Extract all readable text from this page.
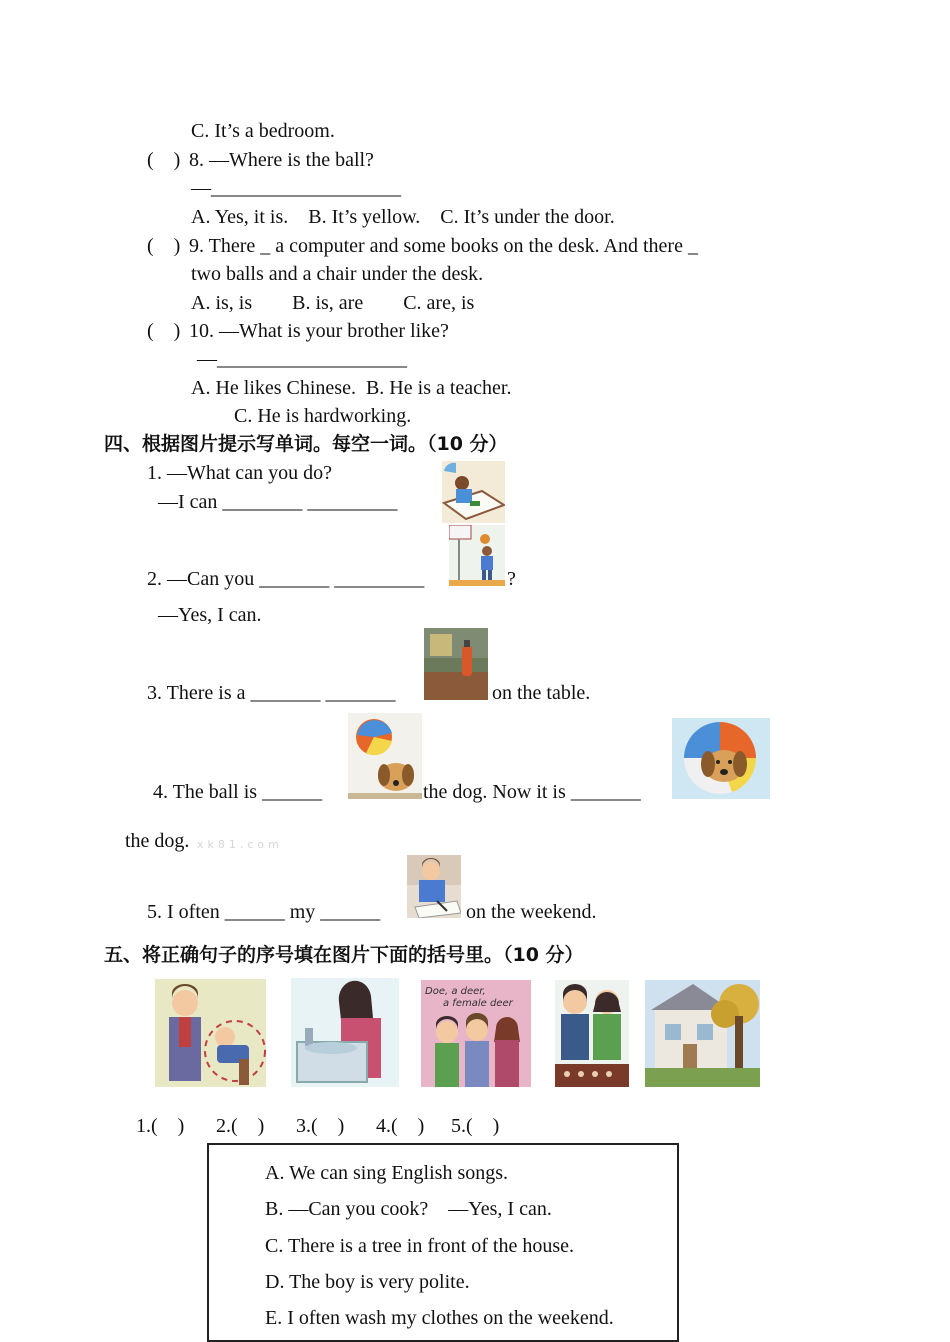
C. It’s a bedroom.
(    ) 8. —Where is the ball?
—___________________
A. Yes, it is.    B. It’s yellow.    C. It’s under the door.
(    ) 9. There _ a computer and some books on the desk. And there _
two balls and a chair under the desk.
A. is, is        B. is, are        C. are, is
(    ) 10. —What is your brother like?
—___________________
A. He likes Chinese.  B. He is a teacher.
C. He is hardworking.
四、根据图片提示写单词。每空一词。（10 分）
1. —What can you do?
—I can ________ _________
2. —Can you _______ _________	?
—Yes, I can.
3. There is a _______ _______	on the table.
4. The ball is ______	the dog. Now it is _______
the dog. xk81.com
5. I often ______ my ______	on the weekend.
五、将正确句子的序号填在图片下面的括号里。（10 分）
Doe, a deer,
a female deer
1.(    ) 2.(    ) 3.(    ) 4.(    ) 5.(    )
A. We can sing English songs.
B. —Can you cook?    —Yes, I can.
C. There is a tree in front of the house.
D. The boy is very polite.
E. I often wash my clothes on the weekend.
